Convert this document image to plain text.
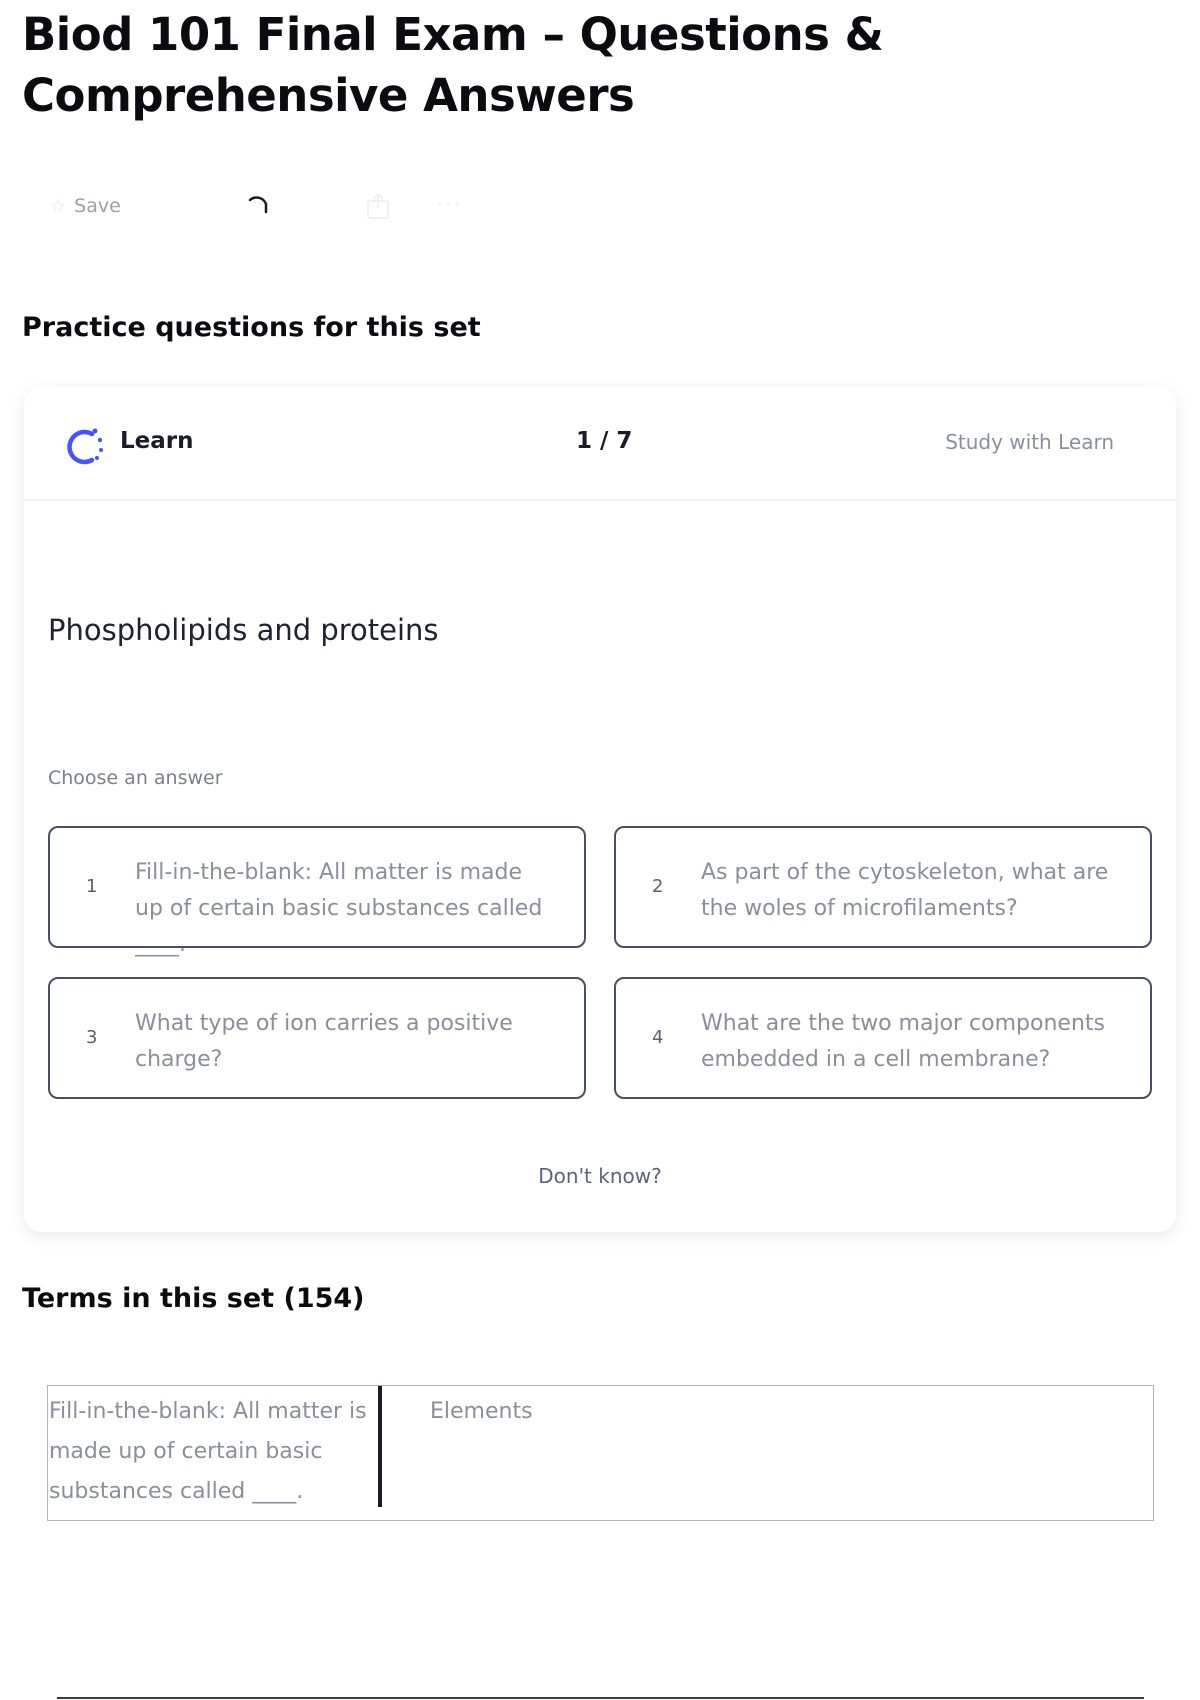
Biod 101 Final Exam – Questions & Comprehensive Answers
☆ Save	···
Practice questions for this set
Learn	1 / 7	Study with Learn
Phospholipids and proteins
Choose an answer
1
Fill-in-the-blank: All matter is made up of certain basic substances called ____.
2
As part of the cytoskeleton, what are the woles of microfilaments?
3
What type of ion carries a positive charge?
4
What are the two major components embedded in a cell membrane?
Don't know?
Terms in this set (154)
Fill-in-the-blank: All matter is made up of certain basic substances called ____.
Elements
